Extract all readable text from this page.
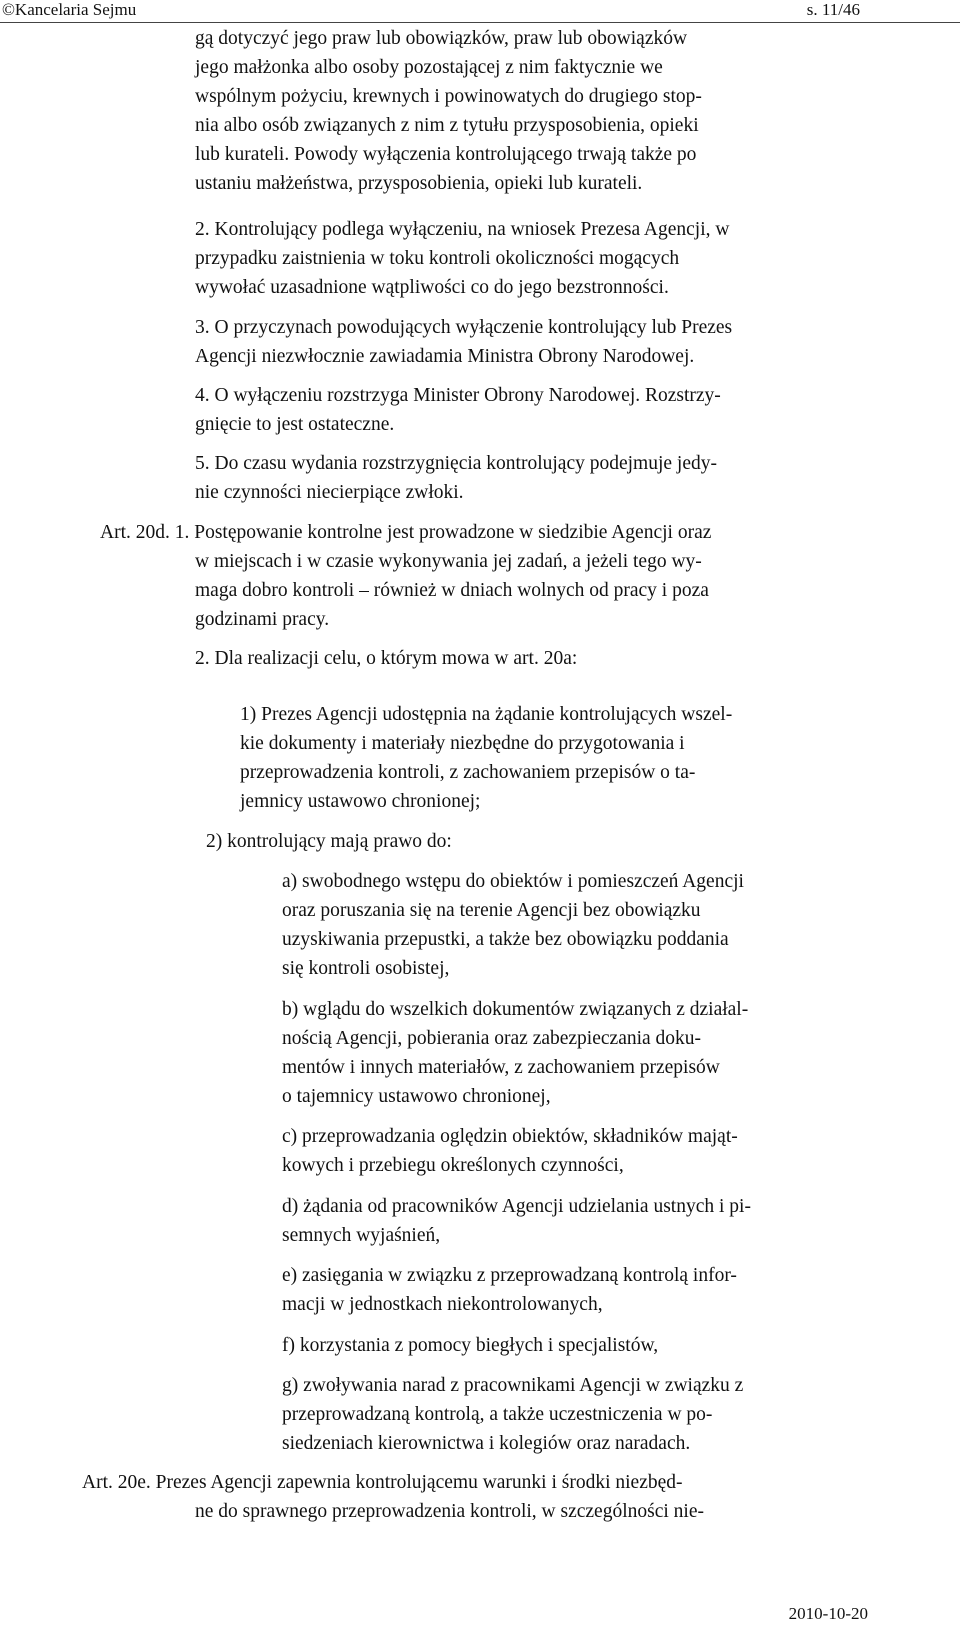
©Kancelaria Sejmu	s. 11/46
gą dotyczyć jego praw lub obowiązków, praw lub obowiązków
jego małżonka albo osoby pozostającej z nim faktycznie we
wspólnym pożyciu, krewnych i powinowatych do drugiego stop-
nia albo osób związanych z nim z tytułu przysposobienia, opieki
lub kurateli. Powody wyłączenia kontrolującego trwają także po
ustaniu małżeństwa, przysposobienia, opieki lub kurateli.
2. Kontrolujący podlega wyłączeniu, na wniosek Prezesa Agencji, w
przypadku zaistnienia w toku kontroli okoliczności mogących
wywołać uzasadnione wątpliwości co do jego bezstronności.
3. O przyczynach powodujących wyłączenie kontrolujący lub Prezes
Agencji niezwłocznie zawiadamia Ministra Obrony Narodowej.
4. O wyłączeniu rozstrzyga Minister Obrony Narodowej. Rozstrzy-
gnięcie to jest ostateczne.
5. Do czasu wydania rozstrzygnięcia kontrolujący podejmuje jedy-
nie czynności niecierpiące zwłoki.
Art. 20d. 1. Postępowanie kontrolne jest prowadzone w siedzibie Agencji oraz
w miejscach i w czasie wykonywania jej zadań, a jeżeli tego wy-
maga dobro kontroli – również w dniach wolnych od pracy i poza
godzinami pracy.
2. Dla realizacji celu, o którym mowa w art. 20a:
1) Prezes Agencji udostępnia na żądanie kontrolujących wszel-
kie dokumenty i materiały niezbędne do przygotowania i
przeprowadzenia kontroli, z zachowaniem przepisów o ta-
jemnicy ustawowo chronionej;
2) kontrolujący mają prawo do:
a) swobodnego wstępu do obiektów i pomieszczeń Agencji
oraz poruszania się na terenie Agencji bez obowiązku
uzyskiwania przepustki, a także bez obowiązku poddania
się kontroli osobistej,
b) wglądu do wszelkich dokumentów związanych z działal-
nością Agencji, pobierania oraz zabezpieczania doku-
mentów i innych materiałów, z zachowaniem przepisów
o tajemnicy ustawowo chronionej,
c) przeprowadzania oględzin obiektów, składników mająt-
kowych i przebiegu określonych czynności,
d) żądania od pracowników Agencji udzielania ustnych i pi-
semnych wyjaśnień,
e) zasięgania w związku z przeprowadzaną kontrolą infor-
macji w jednostkach niekontrolowanych,
f) korzystania z pomocy biegłych i specjalistów,
g) zwoływania narad z pracownikami Agencji w związku z
przeprowadzaną kontrolą, a także uczestniczenia w po-
siedzeniach kierownictwa i kolegiów oraz naradach.
Art. 20e. Prezes Agencji zapewnia kontrolującemu warunki i środki niezbęd-
ne do sprawnego przeprowadzenia kontroli, w szczególności nie-
2010-10-20
